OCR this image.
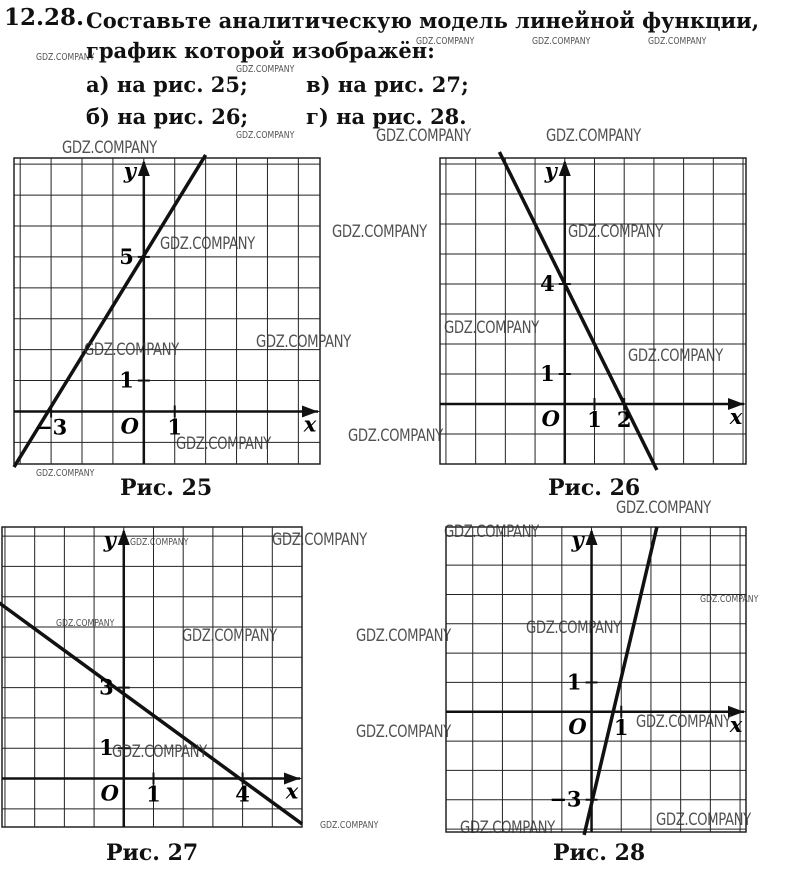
12.28. Составьте аналитическую модель линейной функции,
график которой изображён:
а) на рис. 25;	в) на рис. 27;
б) на рис. 26;	г) на рис. 28.
x
y
O
−3	1
1
5
Рис. 25
x
y
O 1 2
1
4
Рис. 26
x
y
O 1	4
1
3
Рис. 27
x
y
O 1
1
−3
Рис. 28
GDZ.COMPANY
GDZ.COMPANY
GDZ.COMPANY
GDZ.COMPANY	GDZ.COMPANY	GDZ.COMPANY
GDZ.COMPANY
GDZ.COMPANY	GDZ.COMPANY
GDZ.COMPANY
GDZ.COMPANY	GDZ.COMPANY
GDZ.COMPANY	GDZ.COMPANY
GDZ.COMPANY
GDZ.COMPANY
GDZ.COMPANY	GDZ.COMPANY
GDZ.COMPANY
GDZ.COMPANY
GDZ.COMPANY	GDZ.COMPANY	GDZ.COMPANY
GDZ.COMPANY
GDZ.COMPANY
GDZ.COMPANY	GDZ.COMPANY	GDZ.COMPANY
GDZ.COMPANY
GDZ.COMPANY	GDZ.COMPANY
GDZ.COMPANY	GDZ.COMPANY	GDZ.COMPANY
